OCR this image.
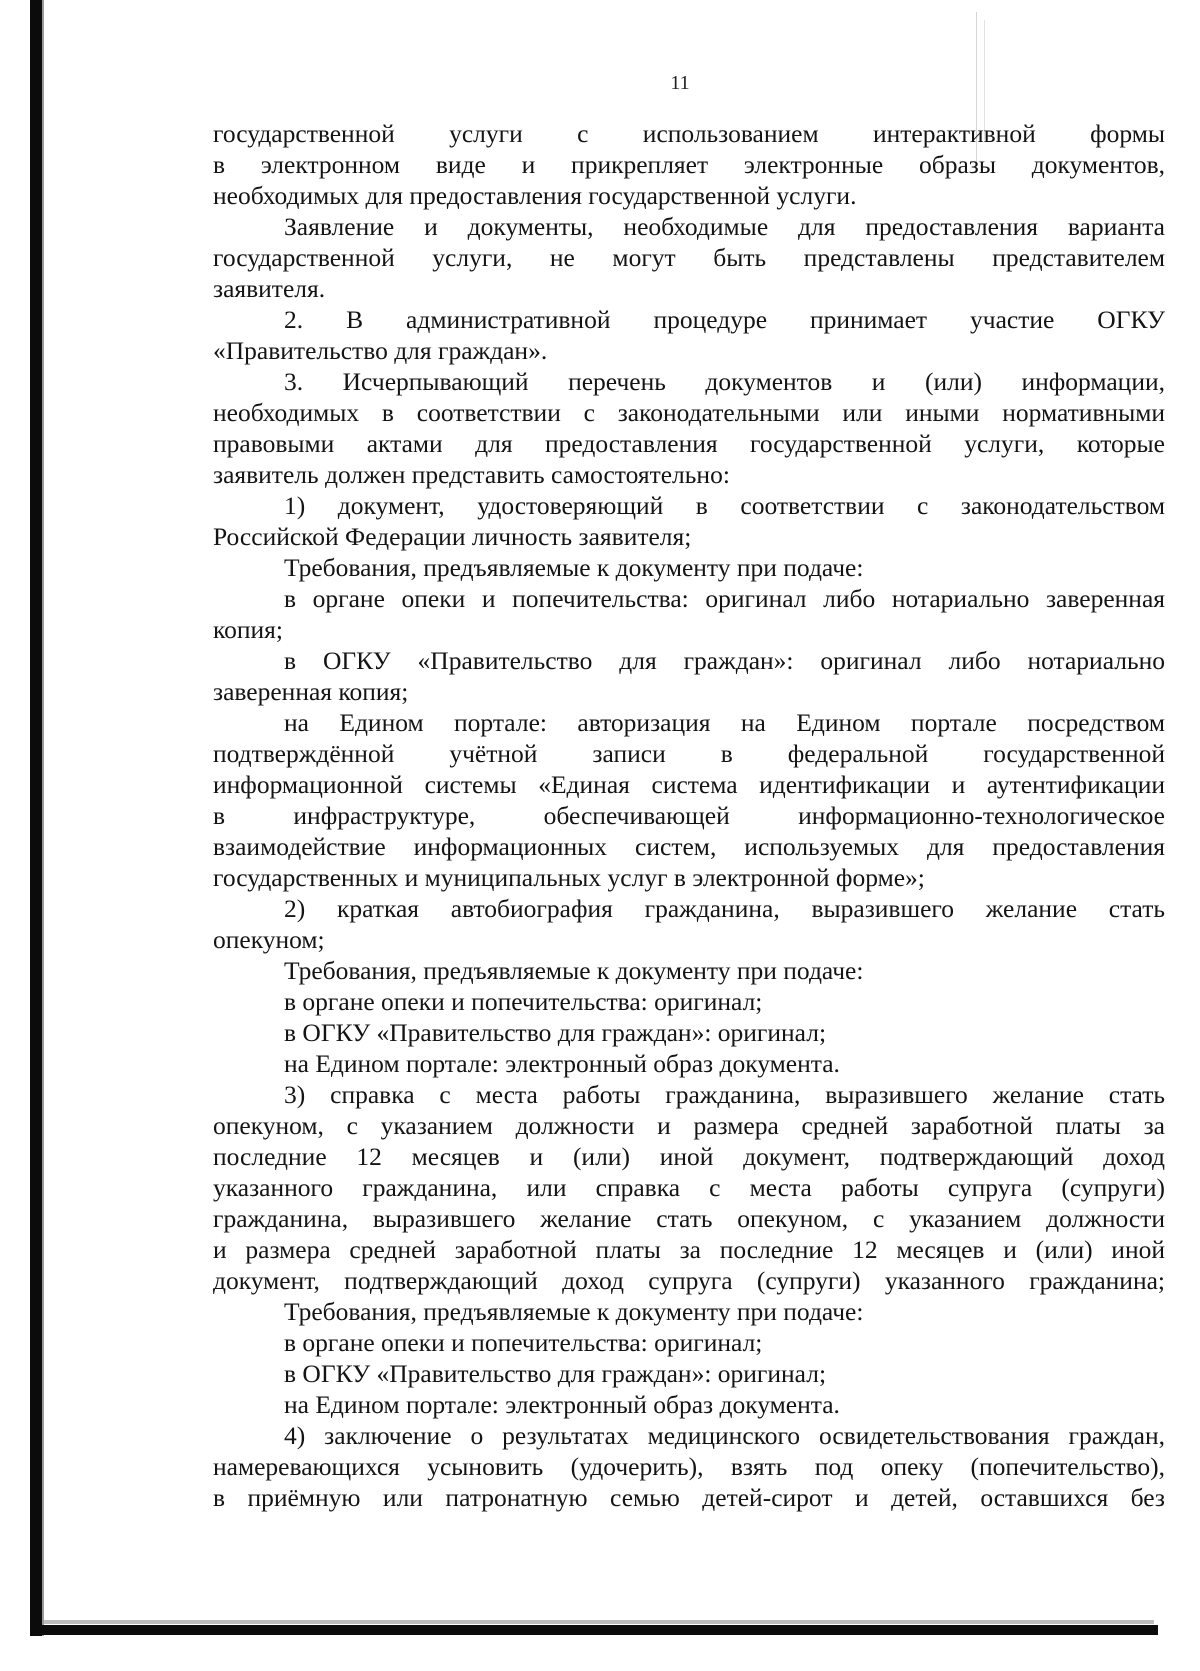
11
государственной услуги с использованием интерактивной формы
в электронном виде и прикрепляет электронные образы документов,
необходимых для предоставления государственной услуги.
Заявление и документы, необходимые для предоставления варианта
государственной услуги, не могут быть представлены представителем
заявителя.
2. В административной процедуре принимает участие ОГКУ
«Правительство для граждан».
3. Исчерпывающий перечень документов и (или) информации,
необходимых в соответствии с законодательными или иными нормативными
правовыми актами для предоставления государственной услуги, которые
заявитель должен представить самостоятельно:
1) документ, удостоверяющий в соответствии с законодательством
Российской Федерации личность заявителя;
Требования, предъявляемые к документу при подаче:
в органе опеки и попечительства: оригинал либо нотариально заверенная
копия;
в ОГКУ «Правительство для граждан»: оригинал либо нотариально
заверенная копия;
на Едином портале: авторизация на Едином портале посредством
подтверждённой учётной записи в федеральной государственной
информационной системы «Единая система идентификации и аутентификации
в инфраструктуре, обеспечивающей информационно-технологическое
взаимодействие информационных систем, используемых для предоставления
государственных и муниципальных услуг в электронной форме»;
2) краткая автобиография гражданина, выразившего желание стать
опекуном;
Требования, предъявляемые к документу при подаче:
в органе опеки и попечительства: оригинал;
в ОГКУ «Правительство для граждан»: оригинал;
на Едином портале: электронный образ документа.
3) справка с места работы гражданина, выразившего желание стать
опекуном, с указанием должности и размера средней заработной платы за
последние 12 месяцев и (или) иной документ, подтверждающий доход
указанного гражданина, или справка с места работы супруга (супруги)
гражданина, выразившего желание стать опекуном, с указанием должности
и размера средней заработной платы за последние 12 месяцев и (или) иной
документ, подтверждающий доход супруга (супруги) указанного гражданина;
Требования, предъявляемые к документу при подаче:
в органе опеки и попечительства: оригинал;
в ОГКУ «Правительство для граждан»: оригинал;
на Едином портале: электронный образ документа.
4) заключение о результатах медицинского освидетельствования граждан,
намеревающихся усыновить (удочерить), взять под опеку (попечительство),
в приёмную или патронатную семью детей-сирот и детей, оставшихся без
